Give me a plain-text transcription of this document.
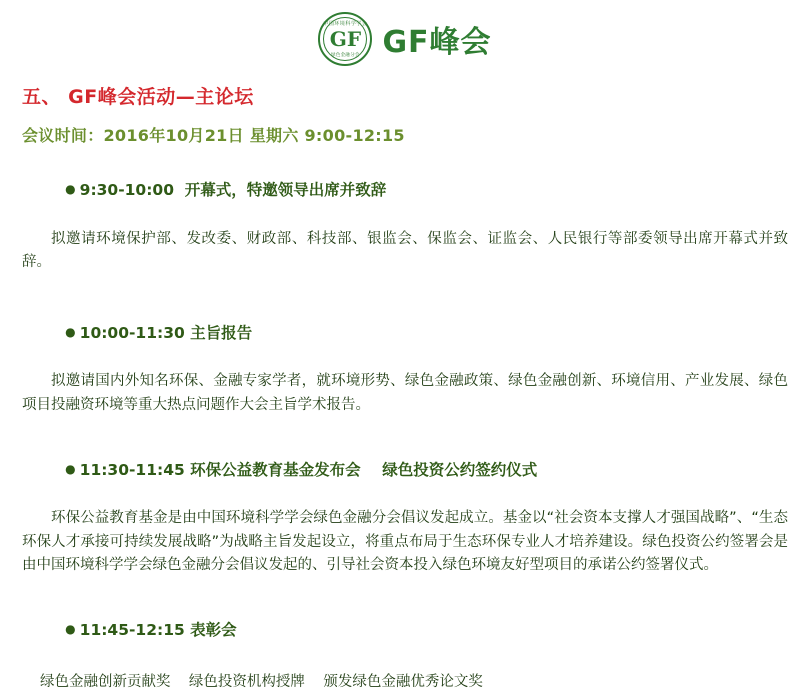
中国环境科学学会
GF
绿色金融分会 GF峰会
五、 GF峰会活动—主论坛
会议时间：2016年10月21日 星期六 9:00-12:15

● 9:30-10:00  开幕式，特邀领导出席并致辞

拟邀请环境保护部、发改委、财政部、科技部、银监会、保监会、证监会、人民银行等部委领导出席开幕式并致辞。

● 10:00-11:30 主旨报告

拟邀请国内外知名环保、金融专家学者，就环境形势、绿色金融政策、绿色金融创新、环境信用、产业发展、绿色项目投融资环境等重大热点问题作大会主旨学术报告。

● 11:30-11:45 环保公益教育基金发布会    绿色投资公约签约仪式

环保公益教育基金是由中国环境科学学会绿色金融分会倡议发起成立。基金以“社会资本支撑人才强国战略”、“生态环保人才承接可持续发展战略”为战略主旨发起设立，将重点布局于生态环保专业人才培养建设。绿色投资公约签署会是由中国环境科学学会绿色金融分会倡议发起的、引导社会资本投入绿色环境友好型项目的承诺公约签署仪式。

● 11:45-12:15 表彰会

绿色金融创新贡献奖    绿色投资机构授牌    颁发绿色金融优秀论文奖
